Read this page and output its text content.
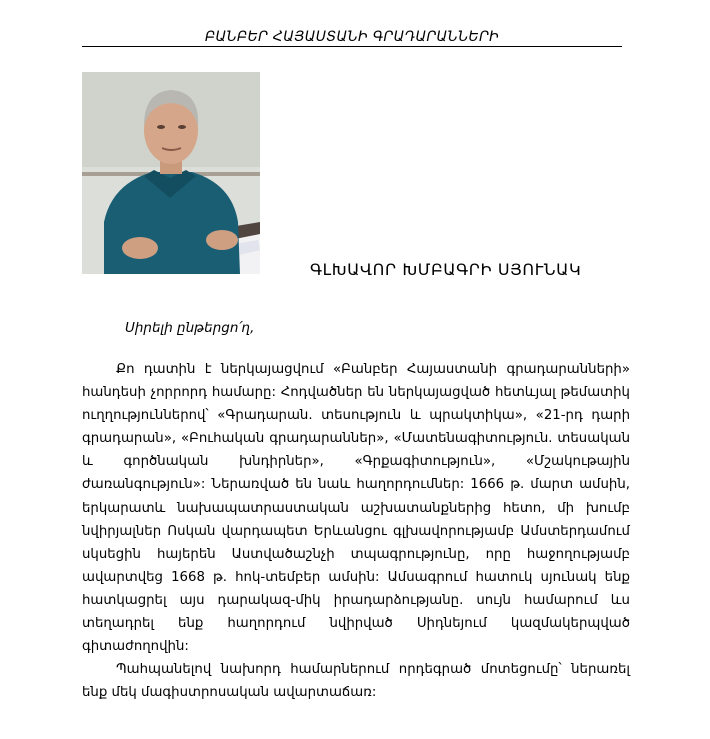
ԲԱՆԲԵՐ ՀԱՅԱՍՏԱՆԻ ԳՐԱԴԱՐԱՆՆԵՐԻ
ԳԼԽԱՎՈՐ ԽՄԲԱԳՐԻ ՍՅՈՒՆԱԿ
Սիրելի ընթերցո՛ղ,

Քո դատին է ներկայացվում «Բանբեր Հայաստանի գրադարանների» հանդեսի չորրորդ համարը: Հոդվածներ են ներկայացված հետևյալ թեմատիկ ուղղություններով՝ «Գրադարան. տեսություն և պրակտիկա», «21-րդ դարի գրադարան», «Բուհական գրադարաններ», «Մատենագիտություն. տեսական և գործնական խնդիրներ», «Գրքագիտություն», «Մշակութային ժառանգություն»: Ներառված են նաև հաղորդումներ: 1666 թ. մարտ ամսին, երկարատև նախապատրաստական աշխատանքներից հետո, մի խումբ նվիրյալներ Ոսկան վարդապետ Երևանցու գլխավորությամբ Ամստերդամում սկսեցին հայերեն Աստվածաշնչի տպագրությունը, որը հաջողությամբ ավարտվեց 1668 թ. հոկ-տեմբեր ամսին: Ամսագրում հատուկ սյունակ ենք հատկացրել այս դարակազ-միկ իրադարձությանը. սույն համարում ևս տեղադրել ենք հաղորդում նվիրված Սիդնեյում կազմակերպված գիտաժողովին:

Պահպանելով նախորդ համարներում որդեգրած մոտեցումը՝ ներառել ենք մեկ մագիստրոսական ավարտաճառ:
